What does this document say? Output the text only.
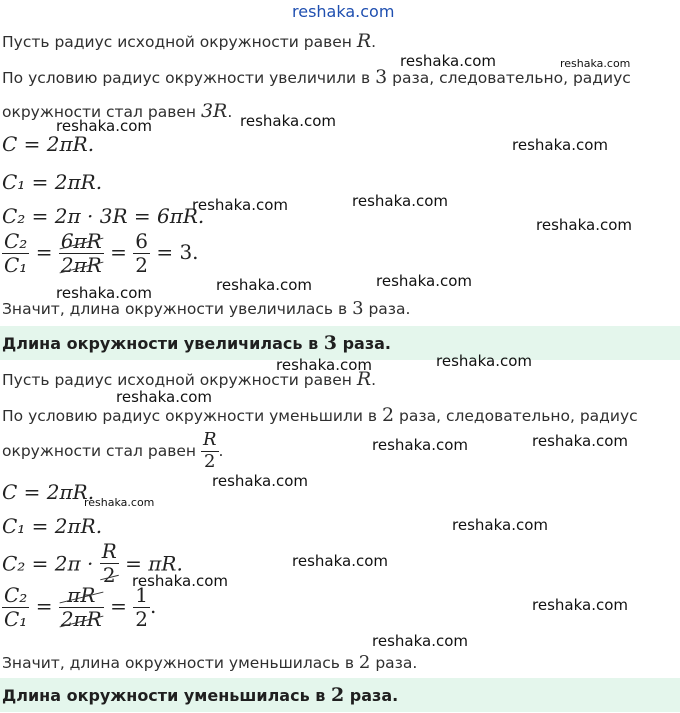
reshaka.com
Пусть радиус исходной окружности равен R.
По условию радиус окружности увеличили в 3 раза, следовательно, радиус
окружности стал равен 3R.
C = 2πR.
C₁ = 2πR.
C₂ = 2π · 3R = 6πR.
$\frac{\text{C₂}}{\text{C₁}} = \frac{6\pi R}{2\pi R} = \frac{6}{2} = 3$.
Значит, длина окружности увеличилась в 3 раза.
Длина окружности увеличилась в 3 раза.
Пусть радиус исходной окружности равен R.
По условию радиус окружности уменьшили в 2 раза, следовательно, радиус
окружности стал равен $\frac{R}{2}$ .
C = 2πR.
C₁ = 2πR.
$C_2 = 2\pi \cdot \frac{R}{2} = \pi R$.
$\frac{\text{C₂}}{\text{C₁}} = \frac{\pi R}{2\pi R} = \frac{1}{2}$ .
Значит, длина окружности уменьшилась в 2 раза.
Длина окружности уменьшилась в 2 раза.
reshaka.com	reshaka.com
reshaka.com	reshaka.com
reshaka.com
reshaka.com	reshaka.com
reshaka.com
reshaka.com	reshaka.com
reshaka.com
reshaka.com	reshaka.com
reshaka.com
reshaka.com	reshaka.com
reshaka.com
reshaka.com
reshaka.com
reshaka.com
reshaka.com
reshaka.com
reshaka.com
